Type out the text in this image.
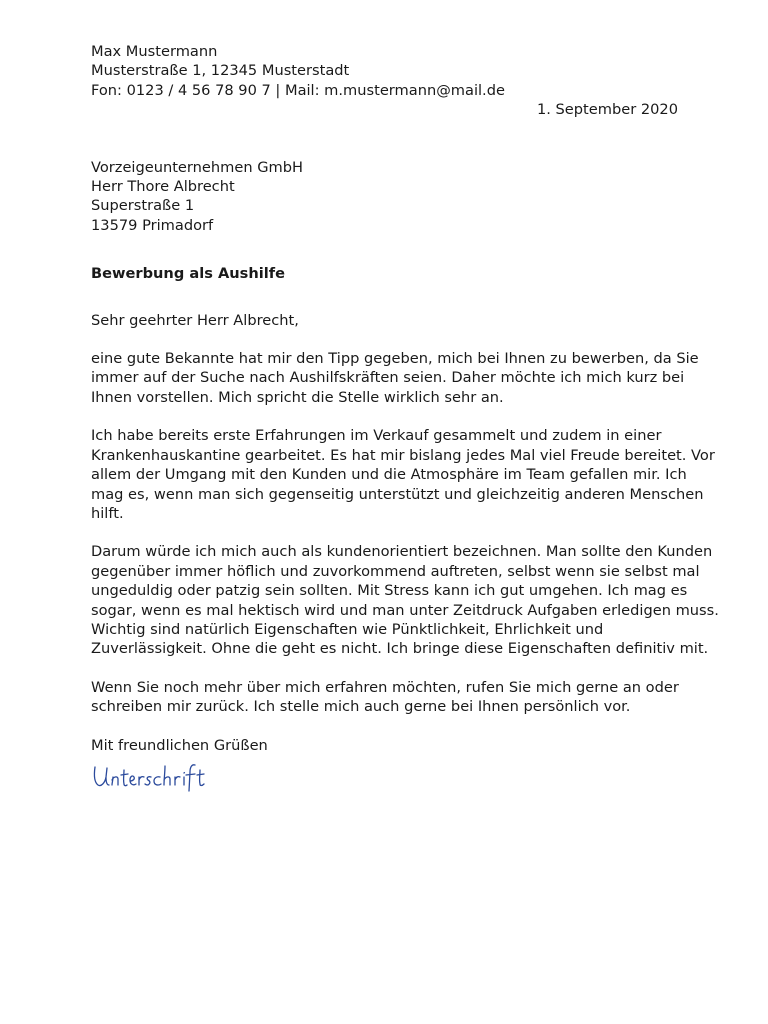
Max Mustermann
Musterstraße 1, 12345 Musterstadt
Fon: 0123 / 4 56 78 90 7 | Mail: m.mustermann@mail.de
1. September 2020
Vorzeigeunternehmen GmbH
Herr Thore Albrecht
Superstraße 1
13579 Primadorf
Bewerbung als Aushilfe
Sehr geehrter Herr Albrecht,
eine gute Bekannte hat mir den Tipp gegeben, mich bei Ihnen zu bewerben, da Sie
immer auf der Suche nach Aushilfskräften seien. Daher möchte ich mich kurz bei
Ihnen vorstellen. Mich spricht die Stelle wirklich sehr an.
Ich habe bereits erste Erfahrungen im Verkauf gesammelt und zudem in einer
Krankenhauskantine gearbeitet. Es hat mir bislang jedes Mal viel Freude bereitet. Vor
allem der Umgang mit den Kunden und die Atmosphäre im Team gefallen mir. Ich
mag es, wenn man sich gegenseitig unterstützt und gleichzeitig anderen Menschen
hilft.
Darum würde ich mich auch als kundenorientiert bezeichnen. Man sollte den Kunden
gegenüber immer höflich und zuvorkommend auftreten, selbst wenn sie selbst mal
ungeduldig oder patzig sein sollten. Mit Stress kann ich gut umgehen. Ich mag es
sogar, wenn es mal hektisch wird und man unter Zeitdruck Aufgaben erledigen muss.
Wichtig sind natürlich Eigenschaften wie Pünktlichkeit, Ehrlichkeit und
Zuverlässigkeit. Ohne die geht es nicht. Ich bringe diese Eigenschaften definitiv mit.
Wenn Sie noch mehr über mich erfahren möchten, rufen Sie mich gerne an oder
schreiben mir zurück. Ich stelle mich auch gerne bei Ihnen persönlich vor.
Mit freundlichen Grüßen
